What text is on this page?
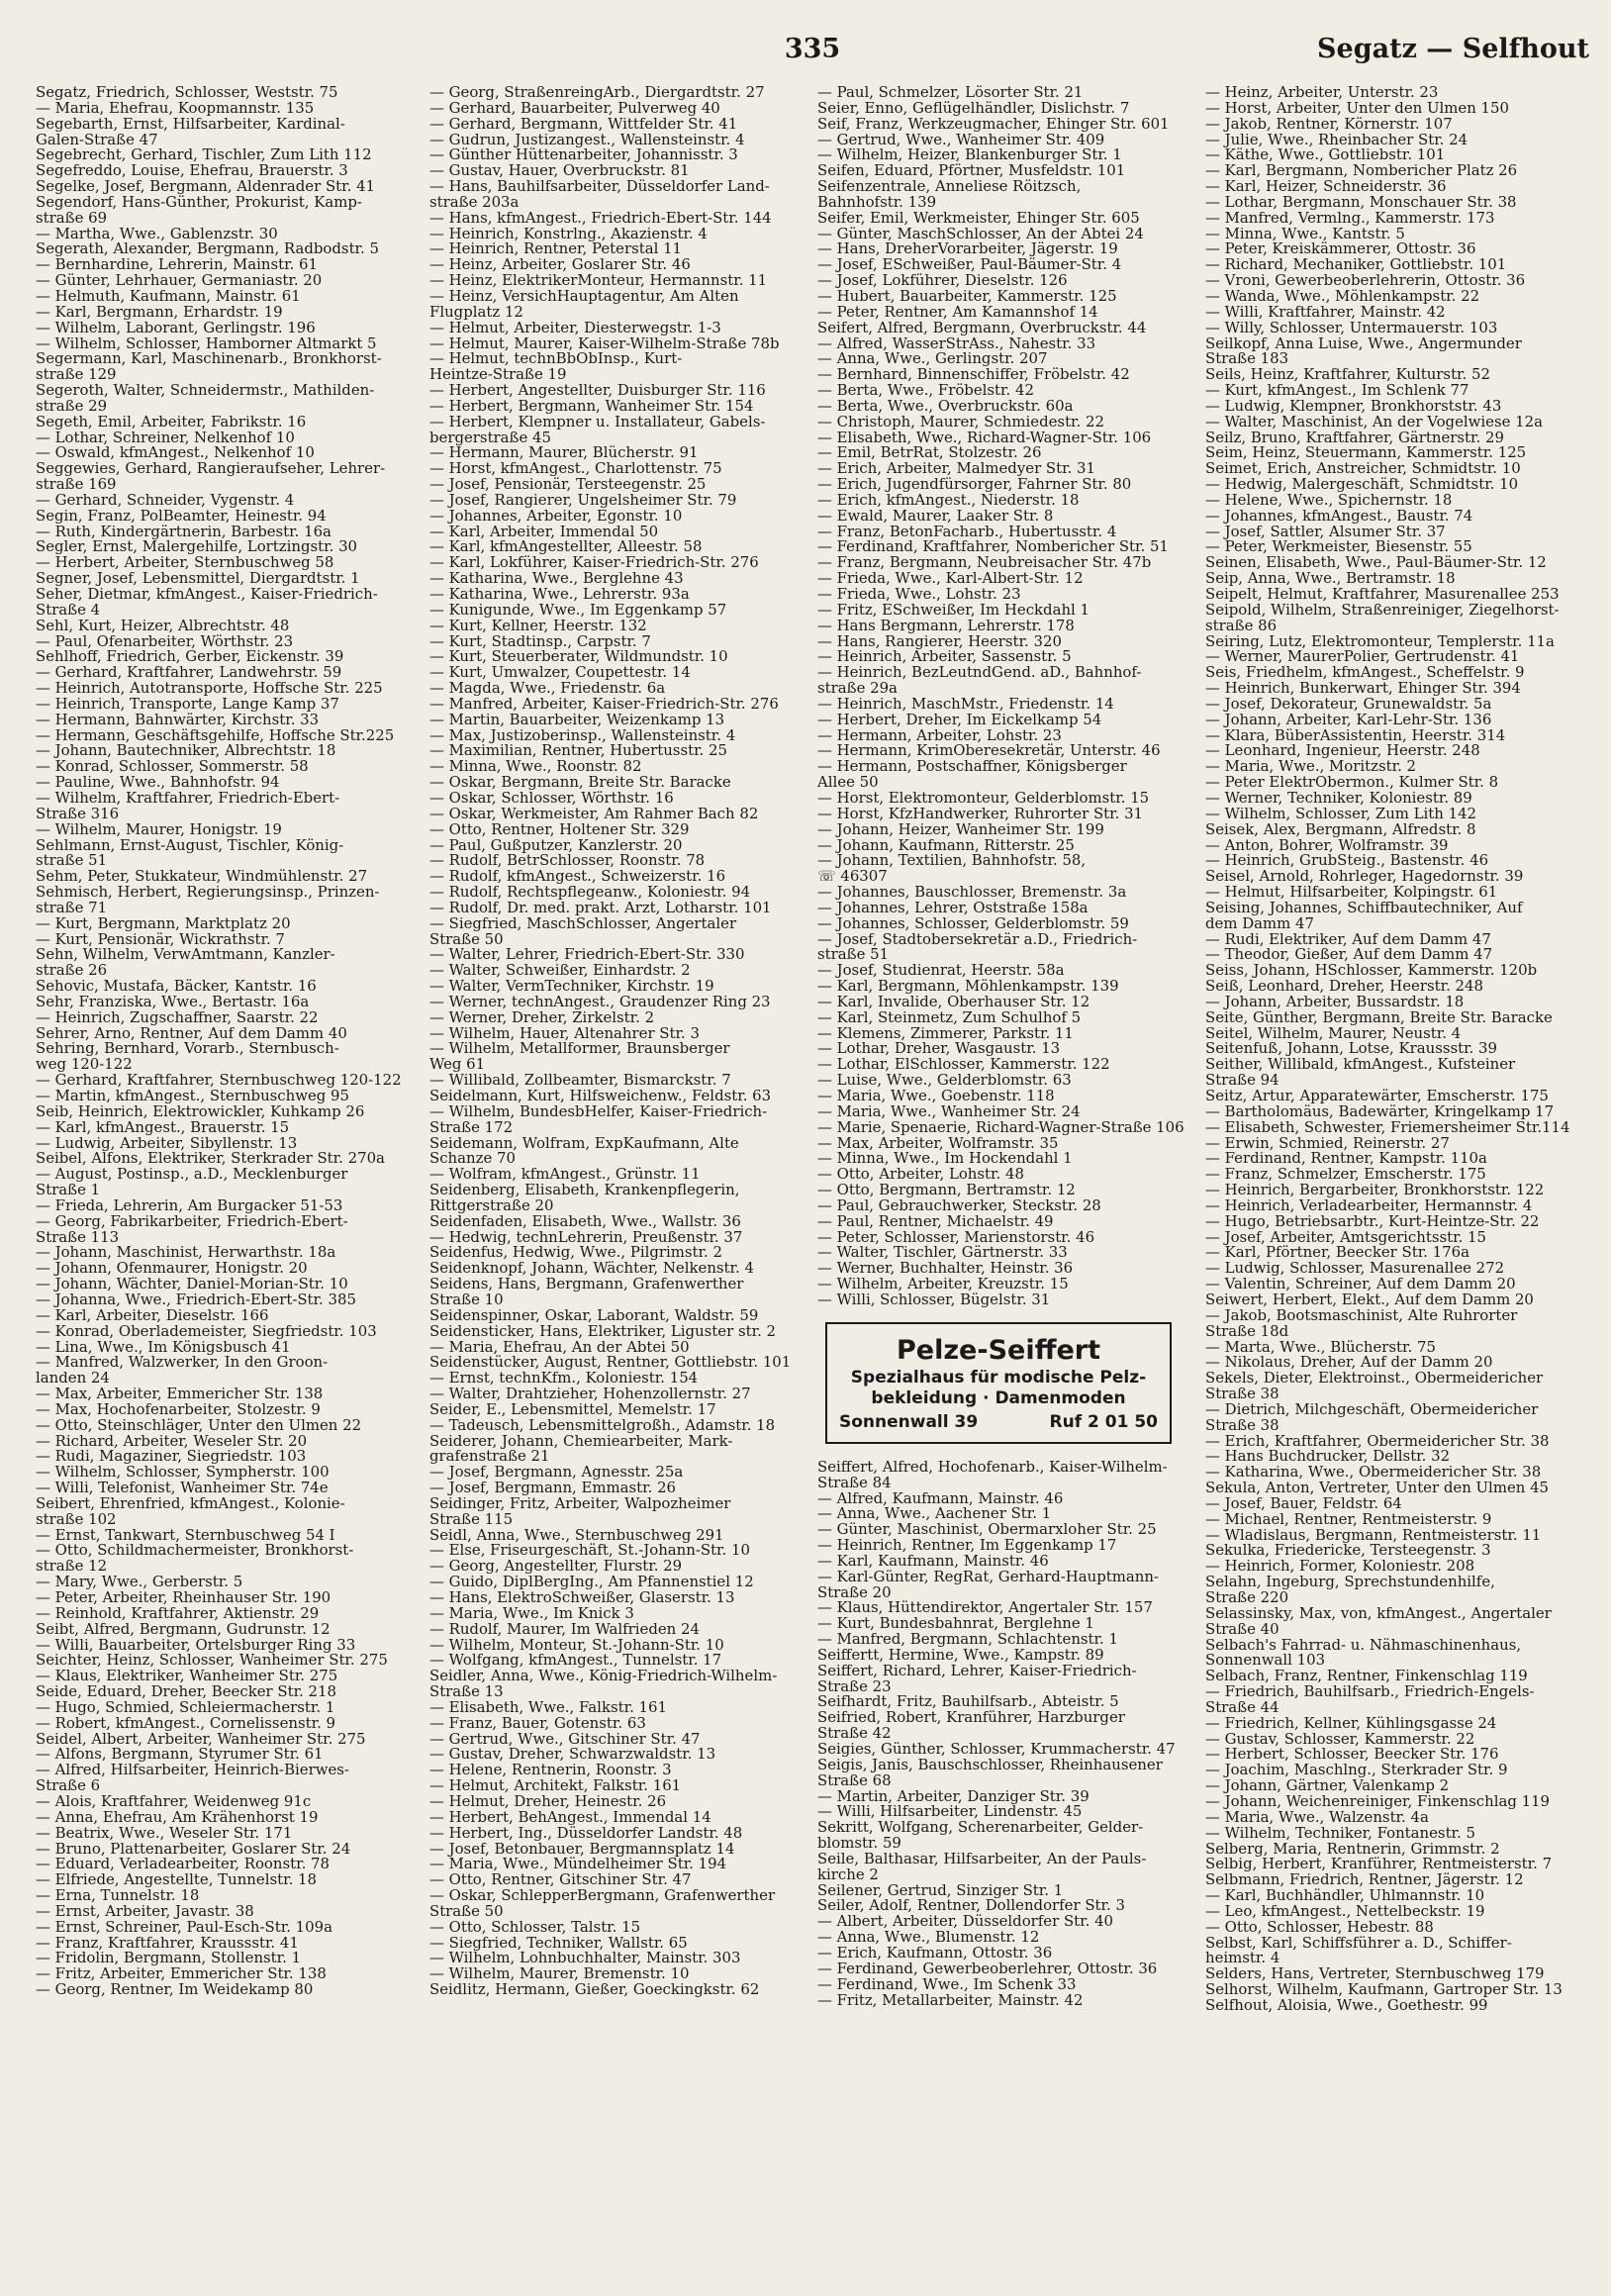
335	Segatz — Selfhout
Segatz, Friedrich, Schlosser, Weststr. 75
— Maria, Ehefrau, Koopmannstr. 135
Segebarth, Ernst, Hilfsarbeiter, Kardinal-
Galen-Straße 47
Segebrecht, Gerhard, Tischler, Zum Lith 112
Segefreddo, Louise, Ehefrau, Brauerstr. 3
Segelke, Josef, Bergmann, Aldenrader Str. 41
Segendorf, Hans-Günther, Prokurist, Kamp-
straße 69
— Martha, Wwe., Gablenzstr. 30
Segerath, Alexander, Bergmann, Radbodstr. 5
— Bernhardine, Lehrerin, Mainstr. 61
— Günter, Lehrhauer, Germaniastr. 20
— Helmuth, Kaufmann, Mainstr. 61
— Karl, Bergmann, Erhardstr. 19
— Wilhelm, Laborant, Gerlingstr. 196
— Wilhelm, Schlosser, Hamborner Altmarkt 5
Segermann, Karl, Maschinenarb., Bronkhorst-
straße 129
Segeroth, Walter, Schneidermstr., Mathilden-
straße 29
Segeth, Emil, Arbeiter, Fabrikstr. 16
— Lothar, Schreiner, Nelkenhof 10
— Oswald, kfmAngest., Nelkenhof 10
Seggewies, Gerhard, Rangieraufseher, Lehrer-
straße 169
— Gerhard, Schneider, Vygenstr. 4
Segin, Franz, PolBeamter, Heinestr. 94
— Ruth, Kindergärtnerin, Barbestr. 16a
Segler, Ernst, Malergehilfe, Lortzingstr. 30
— Herbert, Arbeiter, Sternbuschweg 58
Segner, Josef, Lebensmittel, Diergardtstr. 1
Seher, Dietmar, kfmAngest., Kaiser-Friedrich-
Straße 4
Sehl, Kurt, Heizer, Albrechtstr. 48
— Paul, Ofenarbeiter, Wörthstr. 23
Sehlhoff, Friedrich, Gerber, Eickenstr. 39
— Gerhard, Kraftfahrer, Landwehrstr. 59
— Heinrich, Autotransporte, Hoffsche Str. 225
— Heinrich, Transporte, Lange Kamp 37
— Hermann, Bahnwärter, Kirchstr. 33
— Hermann, Geschäftsgehilfe, Hoffsche Str.225
— Johann, Bautechniker, Albrechtstr. 18
— Konrad, Schlosser, Sommerstr. 58
— Pauline, Wwe., Bahnhofstr. 94
— Wilhelm, Kraftfahrer, Friedrich-Ebert-
Straße 316
— Wilhelm, Maurer, Honigstr. 19
Sehlmann, Ernst-August, Tischler, König-
straße 51
Sehm, Peter, Stukkateur, Windmühlenstr. 27
Sehmisch, Herbert, Regierungsinsp., Prinzen-
straße 71
— Kurt, Bergmann, Marktplatz 20
— Kurt, Pensionär, Wickrathstr. 7
Sehn, Wilhelm, VerwAmtmann, Kanzler-
straße 26
Sehovic, Mustafa, Bäcker, Kantstr. 16
Sehr, Franziska, Wwe., Bertastr. 16a
— Heinrich, Zugschaffner, Saarstr. 22
Sehrer, Arno, Rentner, Auf dem Damm 40
Sehring, Bernhard, Vorarb., Sternbusch-
weg 120-122
— Gerhard, Kraftfahrer, Sternbuschweg 120-122
— Martin, kfmAngest., Sternbuschweg 95
Seib, Heinrich, Elektrowickler, Kuhkamp 26
— Karl, kfmAngest., Brauerstr. 15
— Ludwig, Arbeiter, Sibyllenstr. 13
Seibel, Alfons, Elektriker, Sterkrader Str. 270a
— August, Postinsp., a.D., Mecklenburger
Straße 1
— Frieda, Lehrerin, Am Burgacker 51-53
— Georg, Fabrikarbeiter, Friedrich-Ebert-
Straße 113
— Johann, Maschinist, Herwarthstr. 18a
— Johann, Ofenmaurer, Honigstr. 20
— Johann, Wächter, Daniel-Morian-Str. 10
— Johanna, Wwe., Friedrich-Ebert-Str. 385
— Karl, Arbeiter, Dieselstr. 166
— Konrad, Oberlademeister, Siegfriedstr. 103
— Lina, Wwe., Im Königsbusch 41
— Manfred, Walzwerker, In den Groon-
landen 24
— Max, Arbeiter, Emmericher Str. 138
— Max, Hochofenarbeiter, Stolzestr. 9
— Otto, Steinschläger, Unter den Ulmen 22
— Richard, Arbeiter, Weseler Str. 20
— Rudi, Magaziner, Siegriedstr. 103
— Wilhelm, Schlosser, Sympherstr. 100
— Willi, Telefonist, Wanheimer Str. 74e
Seibert, Ehrenfried, kfmAngest., Kolonie-
straße 102
— Ernst, Tankwart, Sternbuschweg 54 I
— Otto, Schildmachermeister, Bronkhorst-
straße 12
— Mary, Wwe., Gerberstr. 5
— Peter, Arbeiter, Rheinhauser Str. 190
— Reinhold, Kraftfahrer, Aktienstr. 29
Seibt, Alfred, Bergmann, Gudrunstr. 12
— Willi, Bauarbeiter, Ortelsburger Ring 33
Seichter, Heinz, Schlosser, Wanheimer Str. 275
— Klaus, Elektriker, Wanheimer Str. 275
Seide, Eduard, Dreher, Beecker Str. 218
— Hugo, Schmied, Schleiermacherstr. 1
— Robert, kfmAngest., Cornelissenstr. 9
Seidel, Albert, Arbeiter, Wanheimer Str. 275
— Alfons, Bergmann, Styrumer Str. 61
— Alfred, Hilfsarbeiter, Heinrich-Bierwes-
Straße 6
— Alois, Kraftfahrer, Weidenweg 91c
— Anna, Ehefrau, Am Krähenhorst 19
— Beatrix, Wwe., Weseler Str. 171
— Bruno, Plattenarbeiter, Goslarer Str. 24
— Eduard, Verladearbeiter, Roonstr. 78
— Elfriede, Angestellte, Tunnelstr. 18
— Erna, Tunnelstr. 18
— Ernst, Arbeiter, Javastr. 38
— Ernst, Schreiner, Paul-Esch-Str. 109a
— Franz, Kraftfahrer, Kraussstr. 41
— Fridolin, Bergmann, Stollenstr. 1
— Fritz, Arbeiter, Emmericher Str. 138
— Georg, Rentner, Im Weidekamp 80
— Georg, StraßenreingArb., Diergardtstr. 27
— Gerhard, Bauarbeiter, Pulverweg 40
— Gerhard, Bergmann, Wittfelder Str. 41
— Gudrun, Justizangest., Wallensteinstr. 4
— Günther Hüttenarbeiter, Johannisstr. 3
— Gustav, Hauer, Overbruckstr. 81
— Hans, Bauhilfsarbeiter, Düsseldorfer Land-
straße 203a
— Hans, kfmAngest., Friedrich-Ebert-Str. 144
— Heinrich, Konstrlng., Akazienstr. 4
— Heinrich, Rentner, Peterstal 11
— Heinz, Arbeiter, Goslarer Str. 46
— Heinz, ElektrikerMonteur, Hermannstr. 11
— Heinz, VersichHauptagentur, Am Alten
Flugplatz 12
— Helmut, Arbeiter, Diesterwegstr. 1-3
— Helmut, Maurer, Kaiser-Wilhelm-Straße 78b
— Helmut, technBbObInsp., Kurt-
Heintze-Straße 19
— Herbert, Angestellter, Duisburger Str. 116
— Herbert, Bergmann, Wanheimer Str. 154
— Herbert, Klempner u. Installateur, Gabels-
bergerstraße 45
— Hermann, Maurer, Blücherstr. 91
— Horst, kfmAngest., Charlottenstr. 75
— Josef, Pensionär, Tersteegenstr. 25
— Josef, Rangierer, Ungelsheimer Str. 79
— Johannes, Arbeiter, Egonstr. 10
— Karl, Arbeiter, Immendal 50
— Karl, kfmAngestellter, Alleestr. 58
— Karl, Lokführer, Kaiser-Friedrich-Str. 276
— Katharina, Wwe., Berglehne 43
— Katharina, Wwe., Lehrerstr. 93a
— Kunigunde, Wwe., Im Eggenkamp 57
— Kurt, Kellner, Heerstr. 132
— Kurt, Stadtinsp., Carpstr. 7
— Kurt, Steuerberater, Wildmundstr. 10
— Kurt, Umwalzer, Coupettestr. 14
— Magda, Wwe., Friedenstr. 6a
— Manfred, Arbeiter, Kaiser-Friedrich-Str. 276
— Martin, Bauarbeiter, Weizenkamp 13
— Max, Justizoberinsp., Wallensteinstr. 4
— Maximilian, Rentner, Hubertusstr. 25
— Minna, Wwe., Roonstr. 82
— Oskar, Bergmann, Breite Str. Baracke
— Oskar, Schlosser, Wörthstr. 16
— Oskar, Werkmeister, Am Rahmer Bach 82
— Otto, Rentner, Holtener Str. 329
— Paul, Gußputzer, Kanzlerstr. 20
— Rudolf, BetrSchlosser, Roonstr. 78
— Rudolf, kfmAngest., Schweizerstr. 16
— Rudolf, Rechtspflegeanw., Koloniestr. 94
— Rudolf, Dr. med. prakt. Arzt, Lotharstr. 101
— Siegfried, MaschSchlosser, Angertaler
Straße 50
— Walter, Lehrer, Friedrich-Ebert-Str. 330
— Walter, Schweißer, Einhardstr. 2
— Walter, VermTechniker, Kirchstr. 19
— Werner, technAngest., Graudenzer Ring 23
— Werner, Dreher, Zirkelstr. 2
— Wilhelm, Hauer, Altenahrer Str. 3
— Wilhelm, Metallformer, Braunsberger
Weg 61
— Willibald, Zollbeamter, Bismarckstr. 7
Seidelmann, Kurt, Hilfsweichenw., Feldstr. 63
— Wilhelm, BundesbHelfer, Kaiser-Friedrich-
Straße 172
Seidemann, Wolfram, ExpKaufmann, Alte
Schanze 70
— Wolfram, kfmAngest., Grünstr. 11
Seidenberg, Elisabeth, Krankenpflegerin,
Rittgerstraße 20
Seidenfaden, Elisabeth, Wwe., Wallstr. 36
— Hedwig, technLehrerin, Preußenstr. 37
Seidenfus, Hedwig, Wwe., Pilgrimstr. 2
Seidenknopf, Johann, Wächter, Nelkenstr. 4
Seidens, Hans, Bergmann, Grafenwerther
Straße 10
Seidenspinner, Oskar, Laborant, Waldstr. 59
Seidensticker, Hans, Elektriker, Liguster str. 2
— Maria, Ehefrau, An der Abtei 50
Seidenstücker, August, Rentner, Gottliebstr. 101
— Ernst, technKfm., Koloniestr. 154
— Walter, Drahtzieher, Hohenzollernstr. 27
Seider, E., Lebensmittel, Memelstr. 17
— Tadeusch, Lebensmittelgroßh., Adamstr. 18
Seiderer, Johann, Chemiearbeiter, Mark-
grafenstraße 21
— Josef, Bergmann, Agnesstr. 25a
— Josef, Bergmann, Emmastr. 26
Seidinger, Fritz, Arbeiter, Walpozheimer
Straße 115
Seidl, Anna, Wwe., Sternbuschweg 291
— Else, Friseurgeschäft, St.-Johann-Str. 10
— Georg, Angestellter, Flurstr. 29
— Guido, DiplBergIng., Am Pfannenstiel 12
— Hans, ElektroSchweißer, Glaserstr. 13
— Maria, Wwe., Im Knick 3
— Rudolf, Maurer, Im Walfrieden 24
— Wilhelm, Monteur, St.-Johann-Str. 10
— Wolfgang, kfmAngest., Tunnelstr. 17
Seidler, Anna, Wwe., König-Friedrich-Wilhelm-
Straße 13
— Elisabeth, Wwe., Falkstr. 161
— Franz, Bauer, Gotenstr. 63
— Gertrud, Wwe., Gitschiner Str. 47
— Gustav, Dreher, Schwarzwaldstr. 13
— Helene, Rentnerin, Roonstr. 3
— Helmut, Architekt, Falkstr. 161
— Helmut, Dreher, Heinestr. 26
— Herbert, BehAngest., Immendal 14
— Herbert, Ing., Düsseldorfer Landstr. 48
— Josef, Betonbauer, Bergmannsplatz 14
— Maria, Wwe., Mündelheimer Str. 194
— Otto, Rentner, Gitschiner Str. 47
— Oskar, SchlepperBergmann, Grafenwerther
Straße 50
— Otto, Schlosser, Talstr. 15
— Siegfried, Techniker, Wallstr. 65
— Wilhelm, Lohnbuchhalter, Mainstr. 303
— Wilhelm, Maurer, Bremenstr. 10
Seidlitz, Hermann, Gießer, Goeckingkstr. 62
— Paul, Schmelzer, Lösorter Str. 21
Seier, Enno, Geflügelhändler, Dislichstr. 7
Seif, Franz, Werkzeugmacher, Ehinger Str. 601
— Gertrud, Wwe., Wanheimer Str. 409
— Wilhelm, Heizer, Blankenburger Str. 1
Seifen, Eduard, Pförtner, Musfeldstr. 101
Seifenzentrale, Anneliese Röitzsch,
Bahnhofstr. 139
Seifer, Emil, Werkmeister, Ehinger Str. 605
— Günter, MaschSchlosser, An der Abtei 24
— Hans, DreherVorarbeiter, Jägerstr. 19
— Josef, ESchweißer, Paul-Bäumer-Str. 4
— Josef, Lokführer, Dieselstr. 126
— Hubert, Bauarbeiter, Kammerstr. 125
— Peter, Rentner, Am Kamannshof 14
Seifert, Alfred, Bergmann, Overbruckstr. 44
— Alfred, WasserStrAss., Nahestr. 33
— Anna, Wwe., Gerlingstr. 207
— Bernhard, Binnenschiffer, Fröbelstr. 42
— Berta, Wwe., Fröbelstr. 42
— Berta, Wwe., Overbruckstr. 60a
— Christoph, Maurer, Schmiedestr. 22
— Elisabeth, Wwe., Richard-Wagner-Str. 106
— Emil, BetrRat, Stolzestr. 26
— Erich, Arbeiter, Malmedyer Str. 31
— Erich, Jugendfürsorger, Fahrner Str. 80
— Erich, kfmAngest., Niederstr. 18
— Ewald, Maurer, Laaker Str. 8
— Franz, BetonFacharb., Hubertusstr. 4
— Ferdinand, Kraftfahrer, Nombericher Str. 51
— Franz, Bergmann, Neubreisacher Str. 47b
— Frieda, Wwe., Karl-Albert-Str. 12
— Frieda, Wwe., Lohstr. 23
— Fritz, ESchweißer, Im Heckdahl 1
— Hans Bergmann, Lehrerstr. 178
— Hans, Rangierer, Heerstr. 320
— Heinrich, Arbeiter, Sassenstr. 5
— Heinrich, BezLeutndGend. aD., Bahnhof-
straße 29a
— Heinrich, MaschMstr., Friedenstr. 14
— Herbert, Dreher, Im Eickelkamp 54
— Hermann, Arbeiter, Lohstr. 23
— Hermann, KrimOberesekretär, Unterstr. 46
— Hermann, Postschaffner, Königsberger
Allee 50
— Horst, Elektromonteur, Gelderblomstr. 15
— Horst, KfzHandwerker, Ruhrorter Str. 31
— Johann, Heizer, Wanheimer Str. 199
— Johann, Kaufmann, Ritterstr. 25
— Johann, Textilien, Bahnhofstr. 58,
☏ 46307
— Johannes, Bauschlosser, Bremenstr. 3a
— Johannes, Lehrer, Oststraße 158a
— Johannes, Schlosser, Gelderblomstr. 59
— Josef, Stadtobersekretär a.D., Friedrich-
straße 51
— Josef, Studienrat, Heerstr. 58a
— Karl, Bergmann, Möhlenkampstr. 139
— Karl, Invalide, Oberhauser Str. 12
— Karl, Steinmetz, Zum Schulhof 5
— Klemens, Zimmerer, Parkstr. 11
— Lothar, Dreher, Wasgaustr. 13
— Lothar, ElSchlosser, Kammerstr. 122
— Luise, Wwe., Gelderblomstr. 63
— Maria, Wwe., Goebenstr. 118
— Maria, Wwe., Wanheimer Str. 24
— Marie, Spenaerie, Richard-Wagner-Straße 106
— Max, Arbeiter, Wolframstr. 35
— Minna, Wwe., Im Hockendahl 1
— Otto, Arbeiter, Lohstr. 48
— Otto, Bergmann, Bertramstr. 12
— Paul, Gebrauchwerker, Steckstr. 28
— Paul, Rentner, Michaelstr. 49
— Peter, Schlosser, Marienstorstr. 46
— Walter, Tischler, Gärtnerstr. 33
— Werner, Buchhalter, Heinstr. 36
— Wilhelm, Arbeiter, Kreuzstr. 15
— Willi, Schlosser, Bügelstr. 31
Pelze-Seiffert
Spezialhaus für modische Pelz-
bekleidung · Damenmoden
Sonnenwall 39	Ruf 2 01 50
Seiffert, Alfred, Hochofenarb., Kaiser-Wilhelm-
Straße 84
— Alfred, Kaufmann, Mainstr. 46
— Anna, Wwe., Aachener Str. 1
— Günter, Maschinist, Obermarxloher Str. 25
— Heinrich, Rentner, Im Eggenkamp 17
— Karl, Kaufmann, Mainstr. 46
— Karl-Günter, RegRat, Gerhard-Hauptmann-
Straße 20
— Klaus, Hüttendirektor, Angertaler Str. 157
— Kurt, Bundesbahnrat, Berglehne 1
— Manfred, Bergmann, Schlachtenstr. 1
Seiffertt, Hermine, Wwe., Kampstr. 89
Seiffert, Richard, Lehrer, Kaiser-Friedrich-
Straße 23
Seifhardt, Fritz, Bauhilfsarb., Abteistr. 5
Seifried, Robert, Kranführer, Harzburger
Straße 42
Seigies, Günther, Schlosser, Krummacherstr. 47
Seigis, Janis, Bauschschlosser, Rheinhausener
Straße 68
— Martin, Arbeiter, Danziger Str. 39
— Willi, Hilfsarbeiter, Lindenstr. 45
Sekritt, Wolfgang, Scherenarbeiter, Gelder-
blomstr. 59
Seile, Balthasar, Hilfsarbeiter, An der Pauls-
kirche 2
Seilener, Gertrud, Sinziger Str. 1
Seiler, Adolf, Rentner, Dollendorfer Str. 3
— Albert, Arbeiter, Düsseldorfer Str. 40
— Anna, Wwe., Blumenstr. 12
— Erich, Kaufmann, Ottostr. 36
— Ferdinand, Gewerbeoberlehrer, Ottostr. 36
— Ferdinand, Wwe., Im Schenk 33
— Fritz, Metallarbeiter, Mainstr. 42
— Heinz, Arbeiter, Unterstr. 23
— Horst, Arbeiter, Unter den Ulmen 150
— Jakob, Rentner, Körnerstr. 107
— Julie, Wwe., Rheinbacher Str. 24
— Käthe, Wwe., Gottliebstr. 101
— Karl, Bergmann, Nombericher Platz 26
— Karl, Heizer, Schneiderstr. 36
— Lothar, Bergmann, Monschauer Str. 38
— Manfred, Vermlng., Kammerstr. 173
— Minna, Wwe., Kantstr. 5
— Peter, Kreiskämmerer, Ottostr. 36
— Richard, Mechaniker, Gottliebstr. 101
— Vroni, Gewerbeoberlehrerin, Ottostr. 36
— Wanda, Wwe., Möhlenkampstr. 22
— Willi, Kraftfahrer, Mainstr. 42
— Willy, Schlosser, Untermauerstr. 103
Seilkopf, Anna Luise, Wwe., Angermunder
Straße 183
Seils, Heinz, Kraftfahrer, Kulturstr. 52
— Kurt, kfmAngest., Im Schlenk 77
— Ludwig, Klempner, Bronkhorststr. 43
— Walter, Maschinist, An der Vogelwiese 12a
Seilz, Bruno, Kraftfahrer, Gärtnerstr. 29
Seim, Heinz, Steuermann, Kammerstr. 125
Seimet, Erich, Anstreicher, Schmidtstr. 10
— Hedwig, Malergeschäft, Schmidtstr. 10
— Helene, Wwe., Spichernstr. 18
— Johannes, kfmAngest., Baustr. 74
— Josef, Sattler, Alsumer Str. 37
— Peter, Werkmeister, Biesenstr. 55
Seinen, Elisabeth, Wwe., Paul-Bäumer-Str. 12
Seip, Anna, Wwe., Bertramstr. 18
Seipelt, Helmut, Kraftfahrer, Masurenallee 253
Seipold, Wilhelm, Straßenreiniger, Ziegelhorst-
straße 86
Seiring, Lutz, Elektromonteur, Templerstr. 11a
— Werner, MaurerPolier, Gertrudenstr. 41
Seis, Friedhelm, kfmAngest., Scheffelstr. 9
— Heinrich, Bunkerwart, Ehinger Str. 394
— Josef, Dekorateur, Grunewaldstr. 5a
— Johann, Arbeiter, Karl-Lehr-Str. 136
— Klara, BüberAssistentin, Heerstr. 314
— Leonhard, Ingenieur, Heerstr. 248
— Maria, Wwe., Moritzstr. 2
— Peter ElektrObermon., Kulmer Str. 8
— Werner, Techniker, Koloniestr. 89
— Wilhelm, Schlosser, Zum Lith 142
Seisek, Alex, Bergmann, Alfredstr. 8
— Anton, Bohrer, Wolframstr. 39
— Heinrich, GrubSteig., Bastenstr. 46
Seisel, Arnold, Rohrleger, Hagedornstr. 39
— Helmut, Hilfsarbeiter, Kolpingstr. 61
Seising, Johannes, Schiffbautechniker, Auf
dem Damm 47
— Rudi, Elektriker, Auf dem Damm 47
— Theodor, Gießer, Auf dem Damm 47
Seiss, Johann, HSchlosser, Kammerstr. 120b
Seiß, Leonhard, Dreher, Heerstr. 248
— Johann, Arbeiter, Bussardstr. 18
Seite, Günther, Bergmann, Breite Str. Baracke
Seitel, Wilhelm, Maurer, Neustr. 4
Seitenfuß, Johann, Lotse, Kraussstr. 39
Seither, Willibald, kfmAngest., Kufsteiner
Straße 94
Seitz, Artur, Apparatewärter, Emscherstr. 175
— Bartholomäus, Badewärter, Kringelkamp 17
— Elisabeth, Schwester, Friemersheimer Str.114
— Erwin, Schmied, Reinerstr. 27
— Ferdinand, Rentner, Kampstr. 110a
— Franz, Schmelzer, Emscherstr. 175
— Heinrich, Bergarbeiter, Bronkhorststr. 122
— Heinrich, Verladearbeiter, Hermannstr. 4
— Hugo, Betriebsarbtr., Kurt-Heintze-Str. 22
— Josef, Arbeiter, Amtsgerichtsstr. 15
— Karl, Pförtner, Beecker Str. 176a
— Ludwig, Schlosser, Masurenallee 272
— Valentin, Schreiner, Auf dem Damm 20
Seiwert, Herbert, Elekt., Auf dem Damm 20
— Jakob, Bootsmaschinist, Alte Ruhrorter
Straße 18d
— Marta, Wwe., Blücherstr. 75
— Nikolaus, Dreher, Auf der Damm 20
Sekels, Dieter, Elektroinst., Obermeidericher
Straße 38
— Dietrich, Milchgeschäft, Obermeidericher
Straße 38
— Erich, Kraftfahrer, Obermeidericher Str. 38
— Hans Buchdrucker, Dellstr. 32
— Katharina, Wwe., Obermeidericher Str. 38
Sekula, Anton, Vertreter, Unter den Ulmen 45
— Josef, Bauer, Feldstr. 64
— Michael, Rentner, Rentmeisterstr. 9
— Wladislaus, Bergmann, Rentmeisterstr. 11
Sekulka, Friedericke, Tersteegenstr. 3
— Heinrich, Former, Koloniestr. 208
Selahn, Ingeburg, Sprechstundenhilfe,
Straße 220
Selassinsky, Max, von, kfmAngest., Angertaler
Straße 40
Selbach's Fahrrad- u. Nähmaschinenhaus,
Sonnenwall 103
Selbach, Franz, Rentner, Finkenschlag 119
— Friedrich, Bauhilfsarb., Friedrich-Engels-
Straße 44
— Friedrich, Kellner, Kühlingsgasse 24
— Gustav, Schlosser, Kammerstr. 22
— Herbert, Schlosser, Beecker Str. 176
— Joachim, Maschlng., Sterkrader Str. 9
— Johann, Gärtner, Valenkamp 2
— Johann, Weichenreiniger, Finkenschlag 119
— Maria, Wwe., Walzenstr. 4a
— Wilhelm, Techniker, Fontanestr. 5
Selberg, Maria, Rentnerin, Grimmstr. 2
Selbig, Herbert, Kranführer, Rentmeisterstr. 7
Selbmann, Friedrich, Rentner, Jägerstr. 12
— Karl, Buchhändler, Uhlmannstr. 10
— Leo, kfmAngest., Nettelbeckstr. 19
— Otto, Schlosser, Hebestr. 88
Selbst, Karl, Schiffsführer a. D., Schiffer-
heimstr. 4
Selders, Hans, Vertreter, Sternbuschweg 179
Selhorst, Wilhelm, Kaufmann, Gartroper Str. 13
Selfhout, Aloisia, Wwe., Goethestr. 99
